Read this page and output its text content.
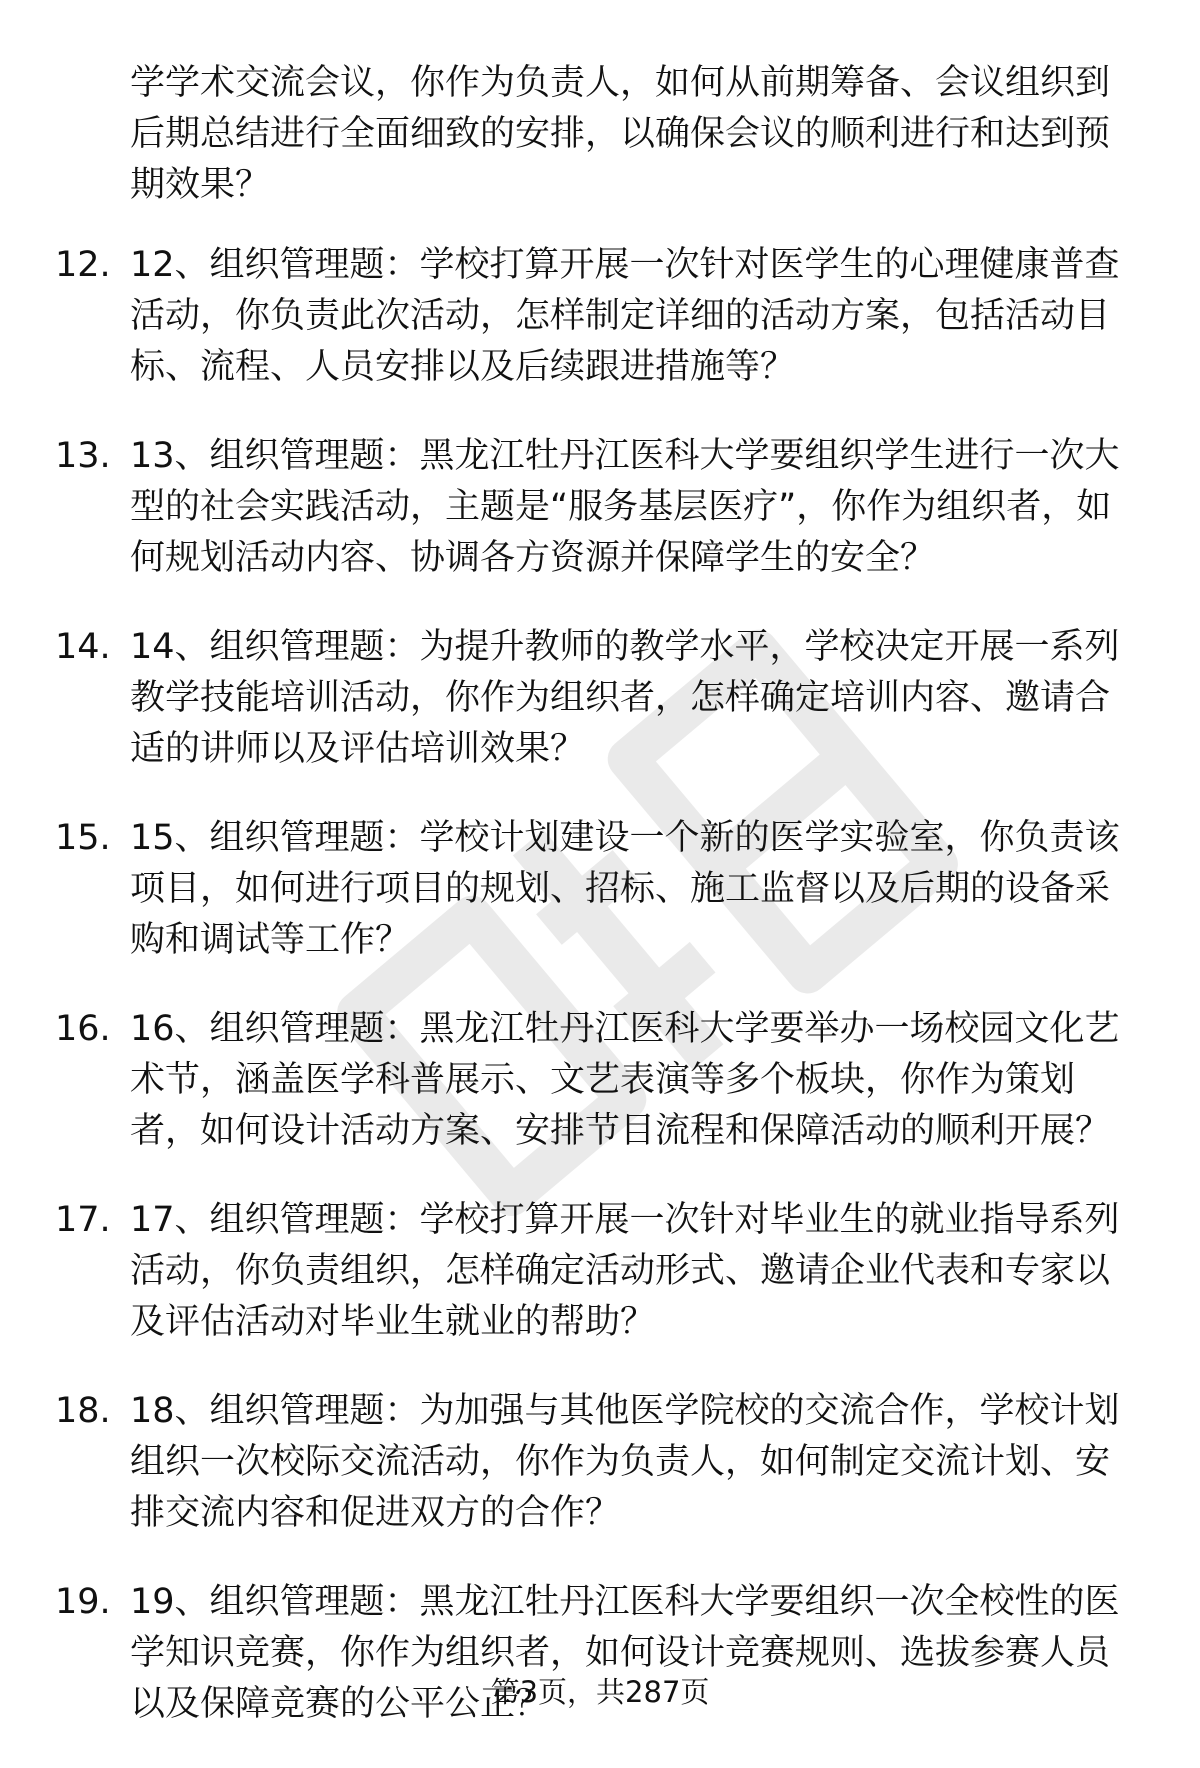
学学术交流会议，你作为负责人，如何从前期筹备、会议组织到后期总结进行全面细致的安排，以确保会议的顺利进行和达到预期效果？
12. 12、组织管理题：学校打算开展一次针对医学生的心理健康普查活动，你负责此次活动，怎样制定详细的活动方案，包括活动目标、流程、人员安排以及后续跟进措施等？
13. 13、组织管理题：黑龙江牡丹江医科大学要组织学生进行一次大型的社会实践活动，主题是“服务基层医疗”，你作为组织者，如何规划活动内容、协调各方资源并保障学生的安全？
14. 14、组织管理题：为提升教师的教学水平，学校决定开展一系列教学技能培训活动，你作为组织者，怎样确定培训内容、邀请合适的讲师以及评估培训效果？
15. 15、组织管理题：学校计划建设一个新的医学实验室，你负责该项目，如何进行项目的规划、招标、施工监督以及后期的设备采购和调试等工作？
16. 16、组织管理题：黑龙江牡丹江医科大学要举办一场校园文化艺术节，涵盖医学科普展示、文艺表演等多个板块，你作为策划者，如何设计活动方案、安排节目流程和保障活动的顺利开展？
17. 17、组织管理题：学校打算开展一次针对毕业生的就业指导系列活动，你负责组织，怎样确定活动形式、邀请企业代表和专家以及评估活动对毕业生就业的帮助？
18. 18、组织管理题：为加强与其他医学院校的交流合作，学校计划组织一次校际交流活动，你作为负责人，如何制定交流计划、安排交流内容和促进双方的合作？
19. 19、组织管理题：黑龙江牡丹江医科大学要组织一次全校性的医学知识竞赛，你作为组织者，如何设计竞赛规则、选拔参赛人员以及保障竞赛的公平公正？
第3页，共287页
